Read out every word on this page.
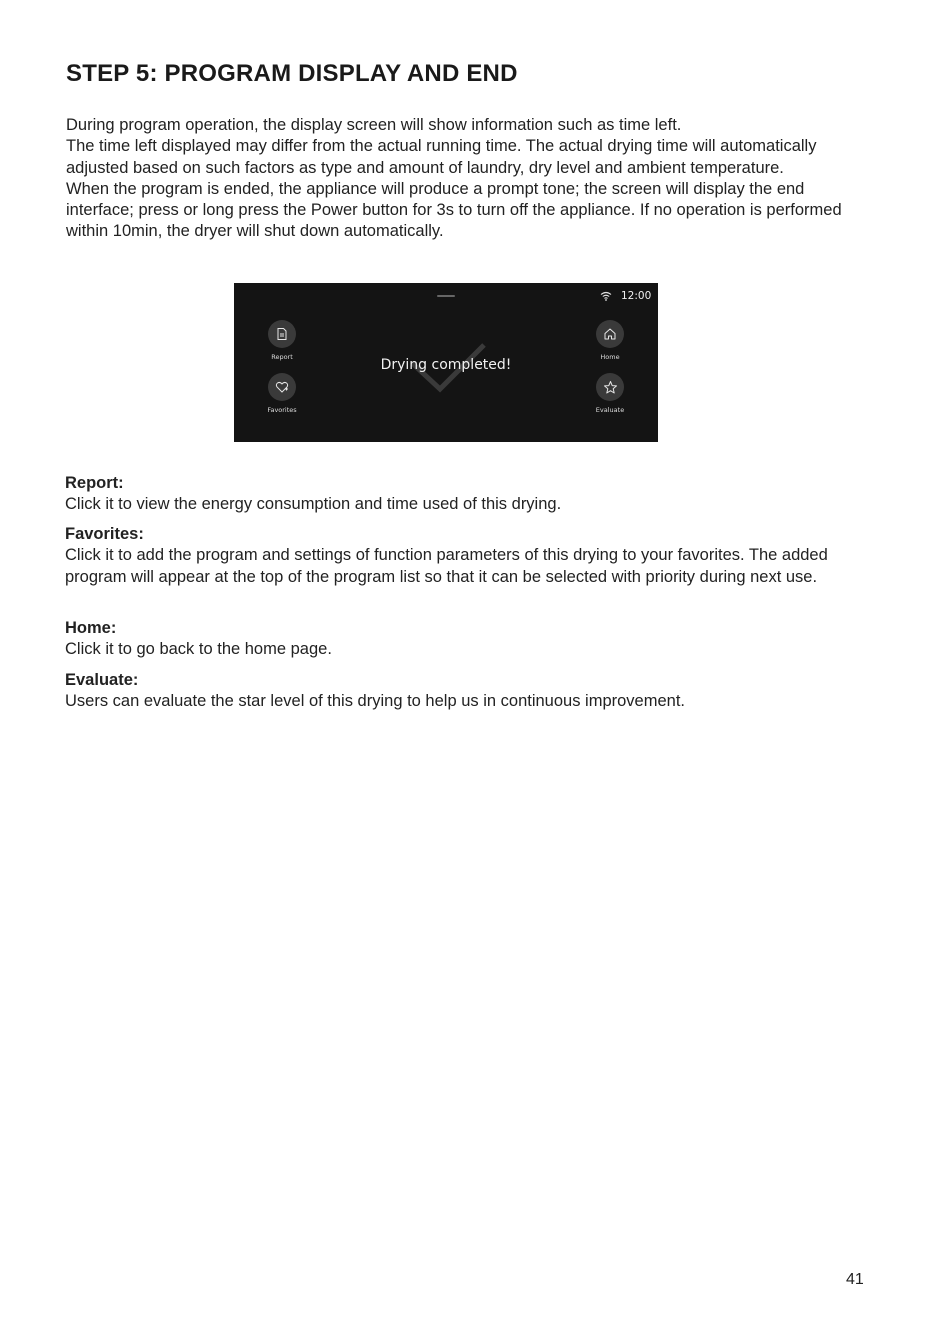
STEP 5: PROGRAM DISPLAY AND END

During program operation, the display screen will show information such as time left.

The time left displayed may differ from the actual running time. The actual drying time will automatically adjusted based on such factors as type and amount of laundry, dry level and ambient temperature.

When the program is ended, the appliance will produce a prompt tone; the screen will display the end interface; press or long press the Power button for 3s to turn off the appliance. If no operation is performed within 10min, the dryer will shut down automatically.

12:00
Drying completed!
Report
Favorites
Home
Evaluate
Report:

Click it to view the energy consumption and time used of this drying.

Favorites:

Click it to add the program and settings of function parameters of this drying to your favorites. The added program will appear at the top of the program list so that it can be selected with priority during next use.

Home:

Click it to go back to the home page.

Evaluate:

Users can evaluate the star level of this drying to help us in continuous improvement.

41
